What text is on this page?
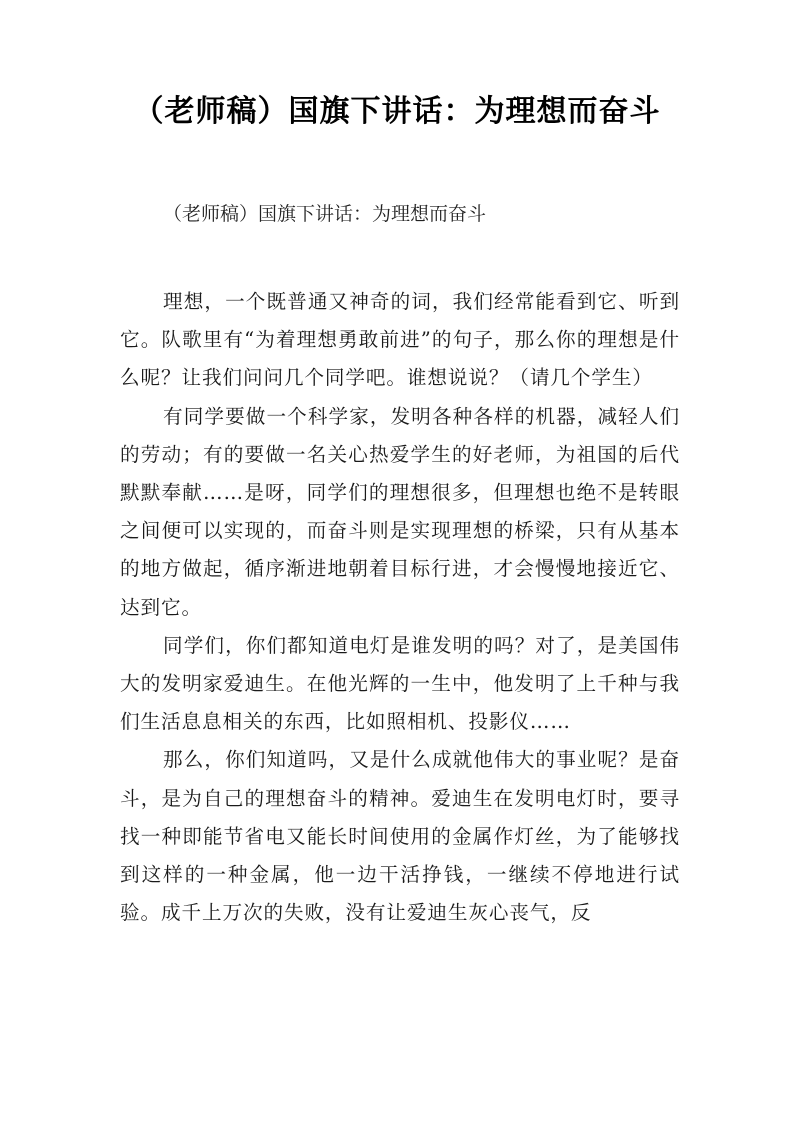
（老师稿）国旗下讲话：为理想而奋斗

（老师稿）国旗下讲话：为理想而奋斗

理想，一个既普通又神奇的词，我们经常能看到它、听到它。队歌里有“为着理想勇敢前进”的句子，那么你的理想是什么呢？让我们问问几个同学吧。谁想说说？（请几个学生）

有同学要做一个科学家，发明各种各样的机器，减轻人们的劳动；有的要做一名关心热爱学生的好老师，为祖国的后代默默奉献……是呀，同学们的理想很多，但理想也绝不是转眼之间便可以实现的，而奋斗则是实现理想的桥梁，只有从基本的地方做起，循序渐进地朝着目标行进，才会慢慢地接近它、达到它。

同学们，你们都知道电灯是谁发明的吗？对了，是美国伟大的发明家爱迪生。在他光辉的一生中，他发明了上千种与我们生活息息相关的东西，比如照相机、投影仪……

那么，你们知道吗，又是什么成就他伟大的事业呢？是奋斗，是为自己的理想奋斗的精神。爱迪生在发明电灯时，要寻找一种即能节省电又能长时间使用的金属作灯丝，为了能够找到这样的一种金属，他一边干活挣钱，一继续不停地进行试验。成千上万次的失败，没有让爱迪生灰心丧气，反
